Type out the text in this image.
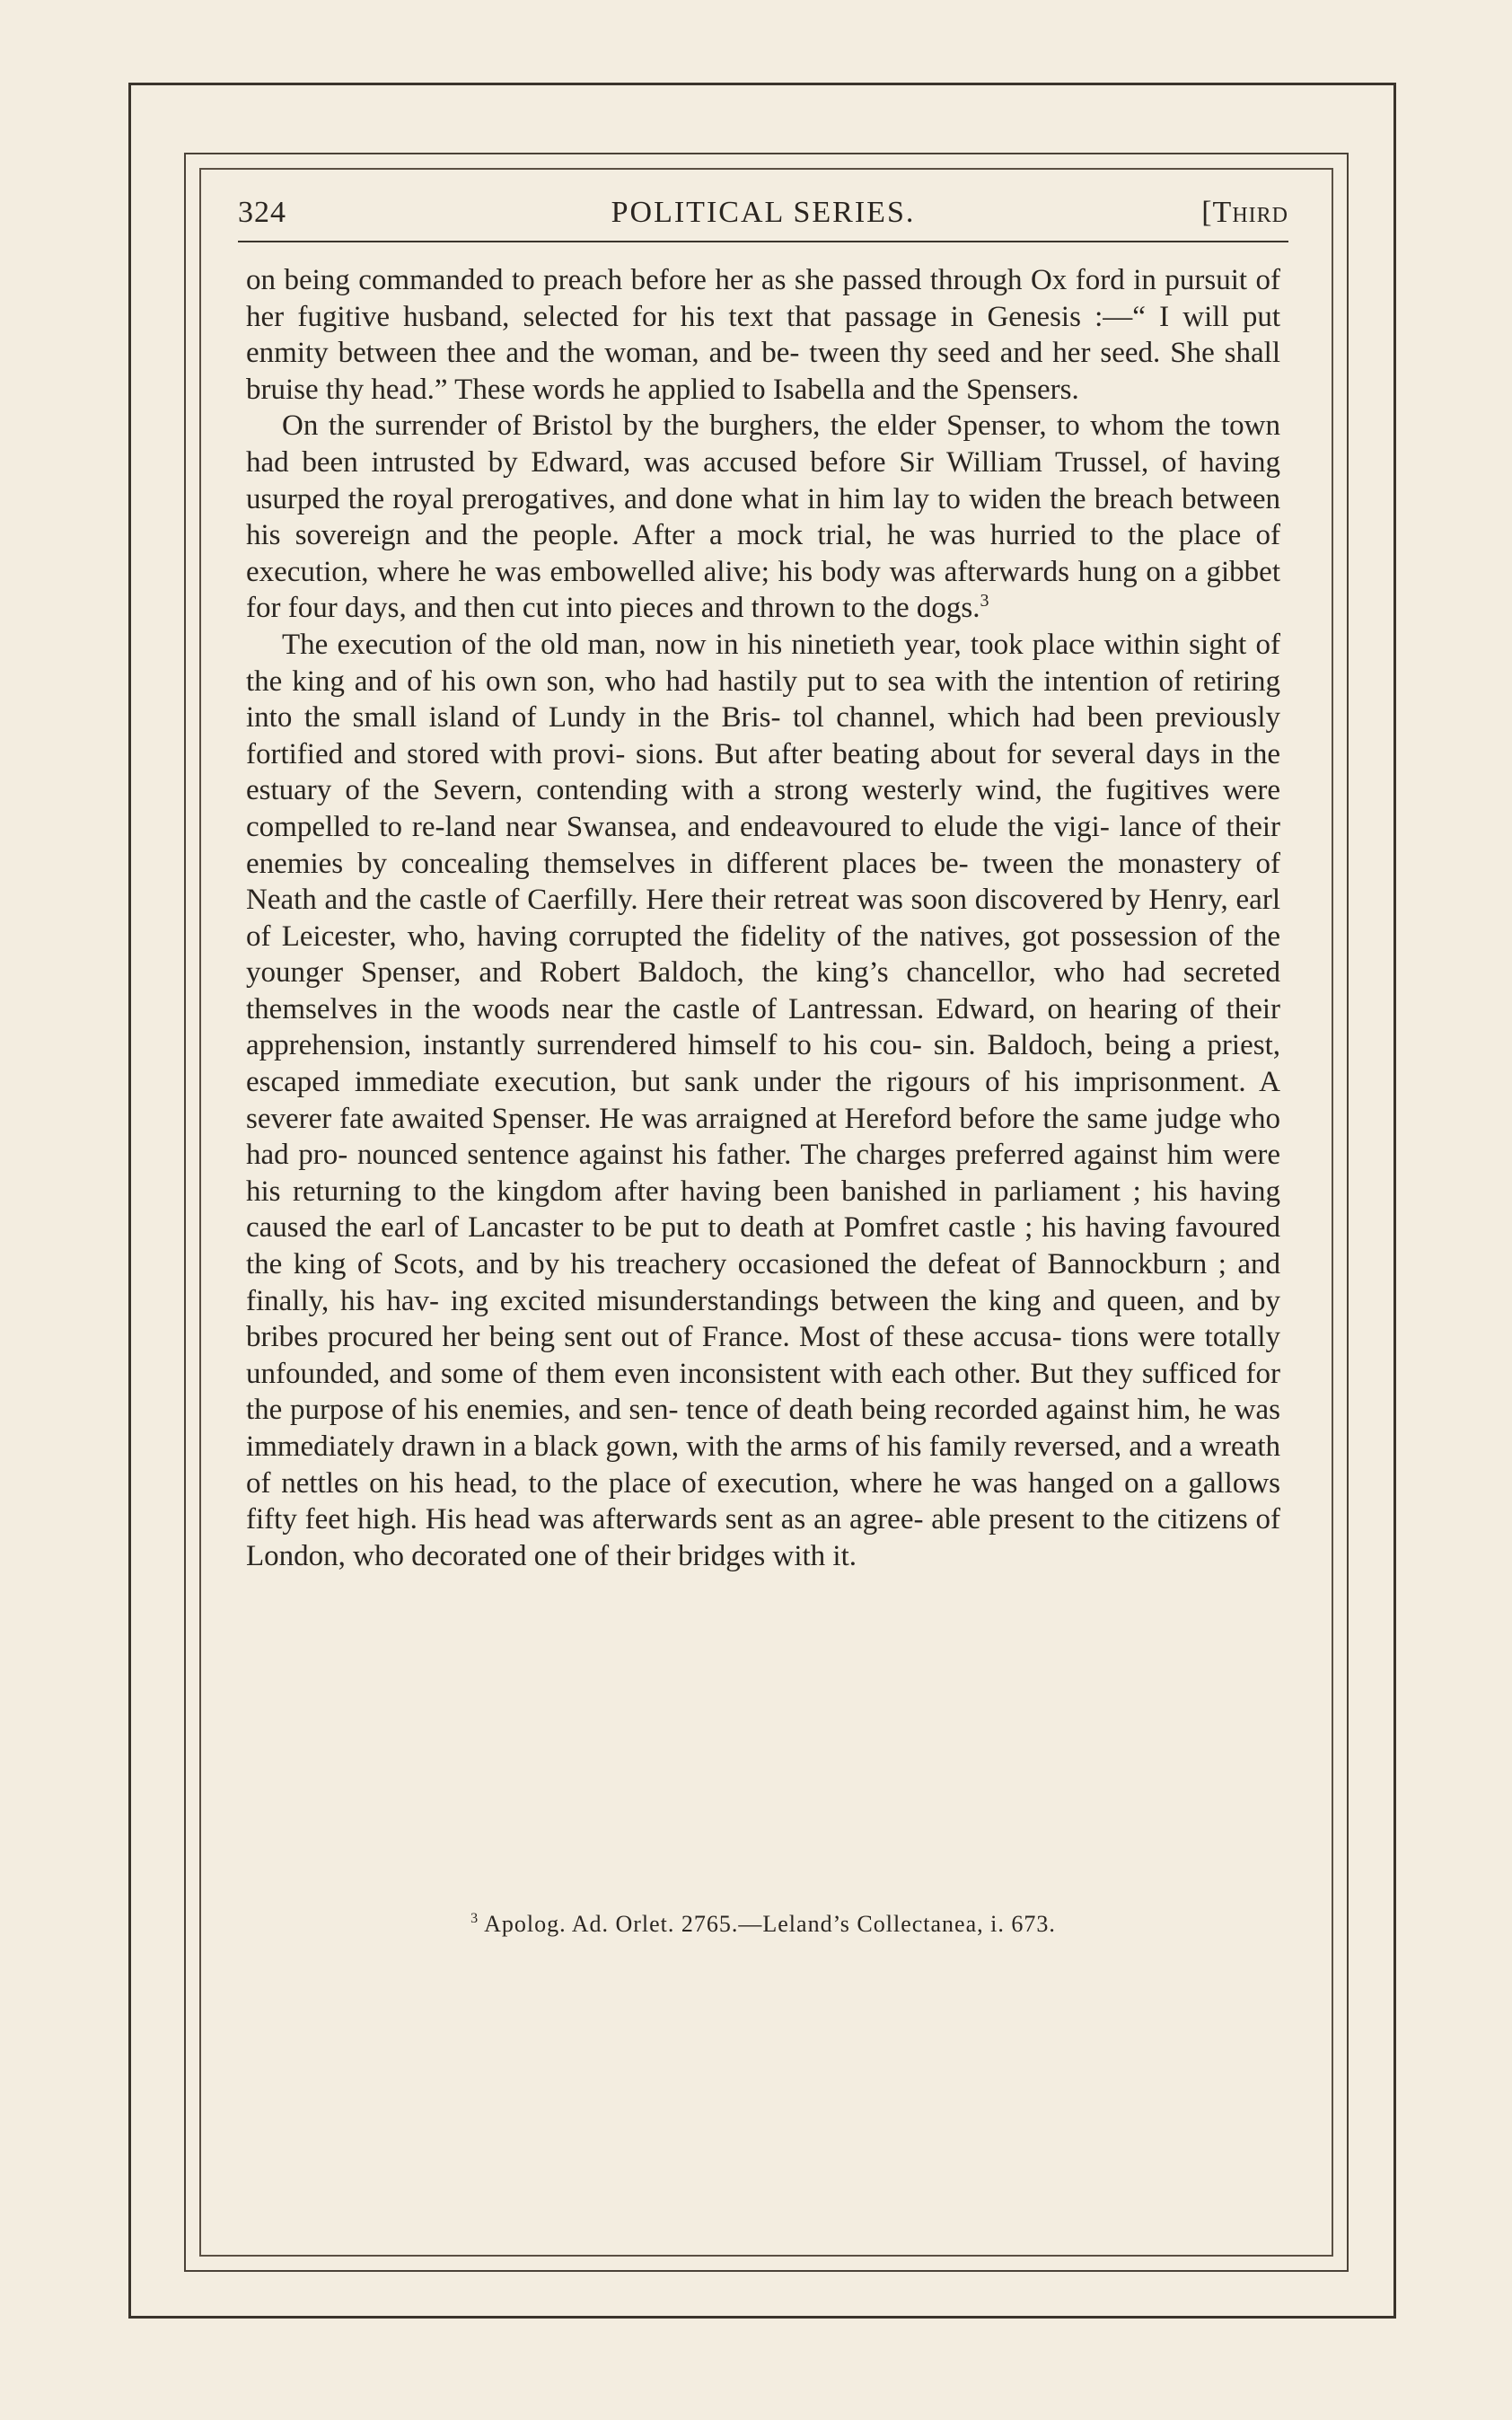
324	POLITICAL SERIES.	[Third

on being commanded to preach before her as she passed through Ox ford in pursuit of her fugitive husband, selected for his text that passage in Genesis :—“ I will put enmity between thee and the woman, and be- tween thy seed and her seed. She shall bruise thy head.” These words he applied to Isabella and the Spensers.

On the surrender of Bristol by the burghers, the elder Spenser, to whom the town had been intrusted by Edward, was accused before Sir William Trussel, of having usurped the royal prerogatives, and done what in him lay to widen the breach between his sovereign and the people. After a mock trial, he was hurried to the place of execution, where he was embowelled alive; his body was afterwards hung on a gibbet for four days, and then cut into pieces and thrown to the dogs.$^3$

The execution of the old man, now in his ninetieth year, took place within sight of the king and of his own son, who had hastily put to sea with the intention of retiring into the small island of Lundy in the Bris- tol channel, which had been previously fortified and stored with provi- sions. But after beating about for several days in the estuary of the Severn, contending with a strong westerly wind, the fugitives were compelled to re-land near Swansea, and endeavoured to elude the vigi- lance of their enemies by concealing themselves in different places be- tween the monastery of Neath and the castle of Caerfilly. Here their retreat was soon discovered by Henry, earl of Leicester, who, having corrupted the fidelity of the natives, got possession of the younger Spenser, and Robert Baldoch, the king’s chancellor, who had secreted themselves in the woods near the castle of Lantressan. Edward, on hearing of their apprehension, instantly surrendered himself to his cou- sin. Baldoch, being a priest, escaped immediate execution, but sank under the rigours of his imprisonment. A severer fate awaited Spenser. He was arraigned at Hereford before the same judge who had pro- nounced sentence against his father. The charges preferred against him were his returning to the kingdom after having been banished in parliament ; his having caused the earl of Lancaster to be put to death at Pomfret castle ; his having favoured the king of Scots, and by his treachery occasioned the defeat of Bannockburn ; and finally, his hav- ing excited misunderstandings between the king and queen, and by bribes procured her being sent out of France. Most of these accusa- tions were totally unfounded, and some of them even inconsistent with each other. But they sufficed for the purpose of his enemies, and sen- tence of death being recorded against him, he was immediately drawn in a black gown, with the arms of his family reversed, and a wreath of nettles on his head, to the place of execution, where he was hanged on a gallows fifty feet high. His head was afterwards sent as an agree- able present to the citizens of London, who decorated one of their bridges with it.

$^3$ Apolog. Ad. Orlet. 2765.—Leland’s Collectanea, i. 673.
